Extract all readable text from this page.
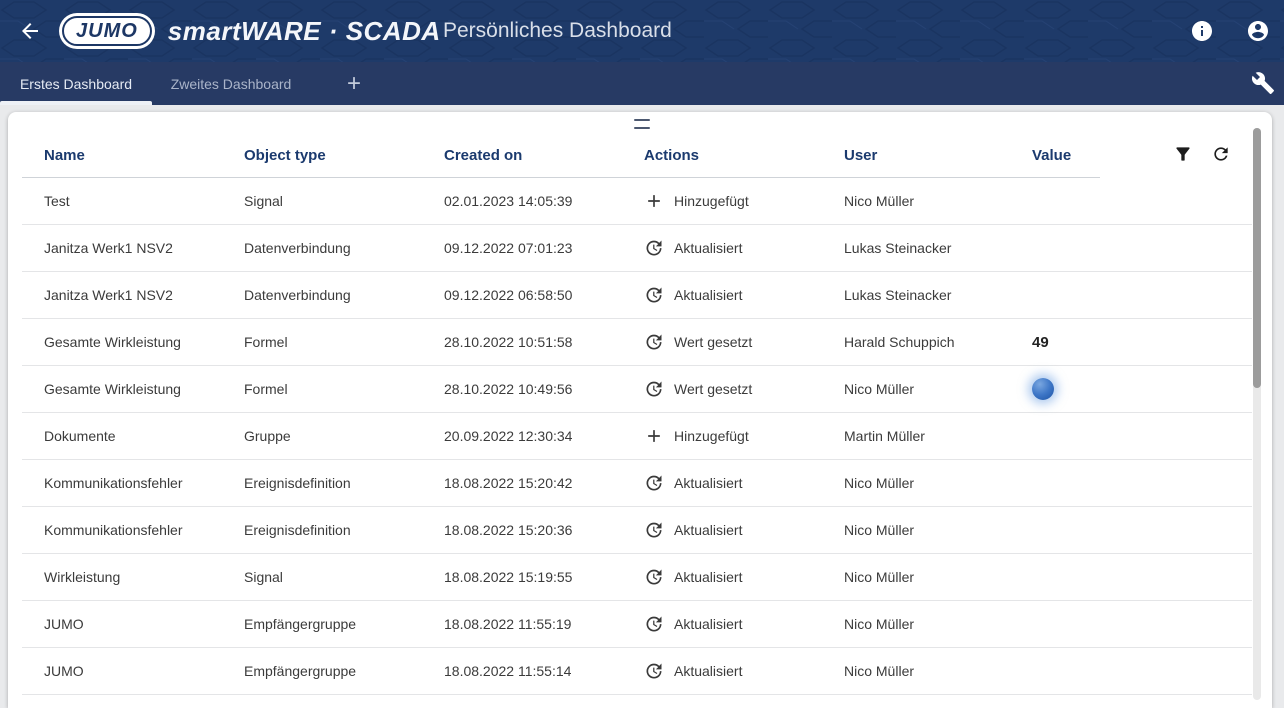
JUMO smartWARE · SCADA Persönliches Dashboard
Erstes Dashboard	Zweites Dashboard +
Name	Object type	Created on	Actions	User	Value
Test	Signal	02.01.2023 14:05:39	Hinzugefügt	Nico Müller
Janitza Werk1 NSV2	Datenverbindung	09.12.2022 07:01:23	Aktualisiert	Lukas Steinacker
Janitza Werk1 NSV2	Datenverbindung	09.12.2022 06:58:50	Aktualisiert	Lukas Steinacker
Gesamte Wirkleistung	Formel	28.10.2022 10:51:58	Wert gesetzt	Harald Schuppich	49
Gesamte Wirkleistung	Formel	28.10.2022 10:49:56	Wert gesetzt	Nico Müller
Dokumente	Gruppe	20.09.2022 12:30:34	Hinzugefügt	Martin Müller
Kommunikationsfehler	Ereignisdefinition	18.08.2022 15:20:42	Aktualisiert	Nico Müller
Kommunikationsfehler	Ereignisdefinition	18.08.2022 15:20:36	Aktualisiert	Nico Müller
Wirkleistung	Signal	18.08.2022 15:19:55	Aktualisiert	Nico Müller
JUMO	Empfängergruppe	18.08.2022 11:55:19	Aktualisiert	Nico Müller
JUMO	Empfängergruppe	18.08.2022 11:55:14	Aktualisiert	Nico Müller
